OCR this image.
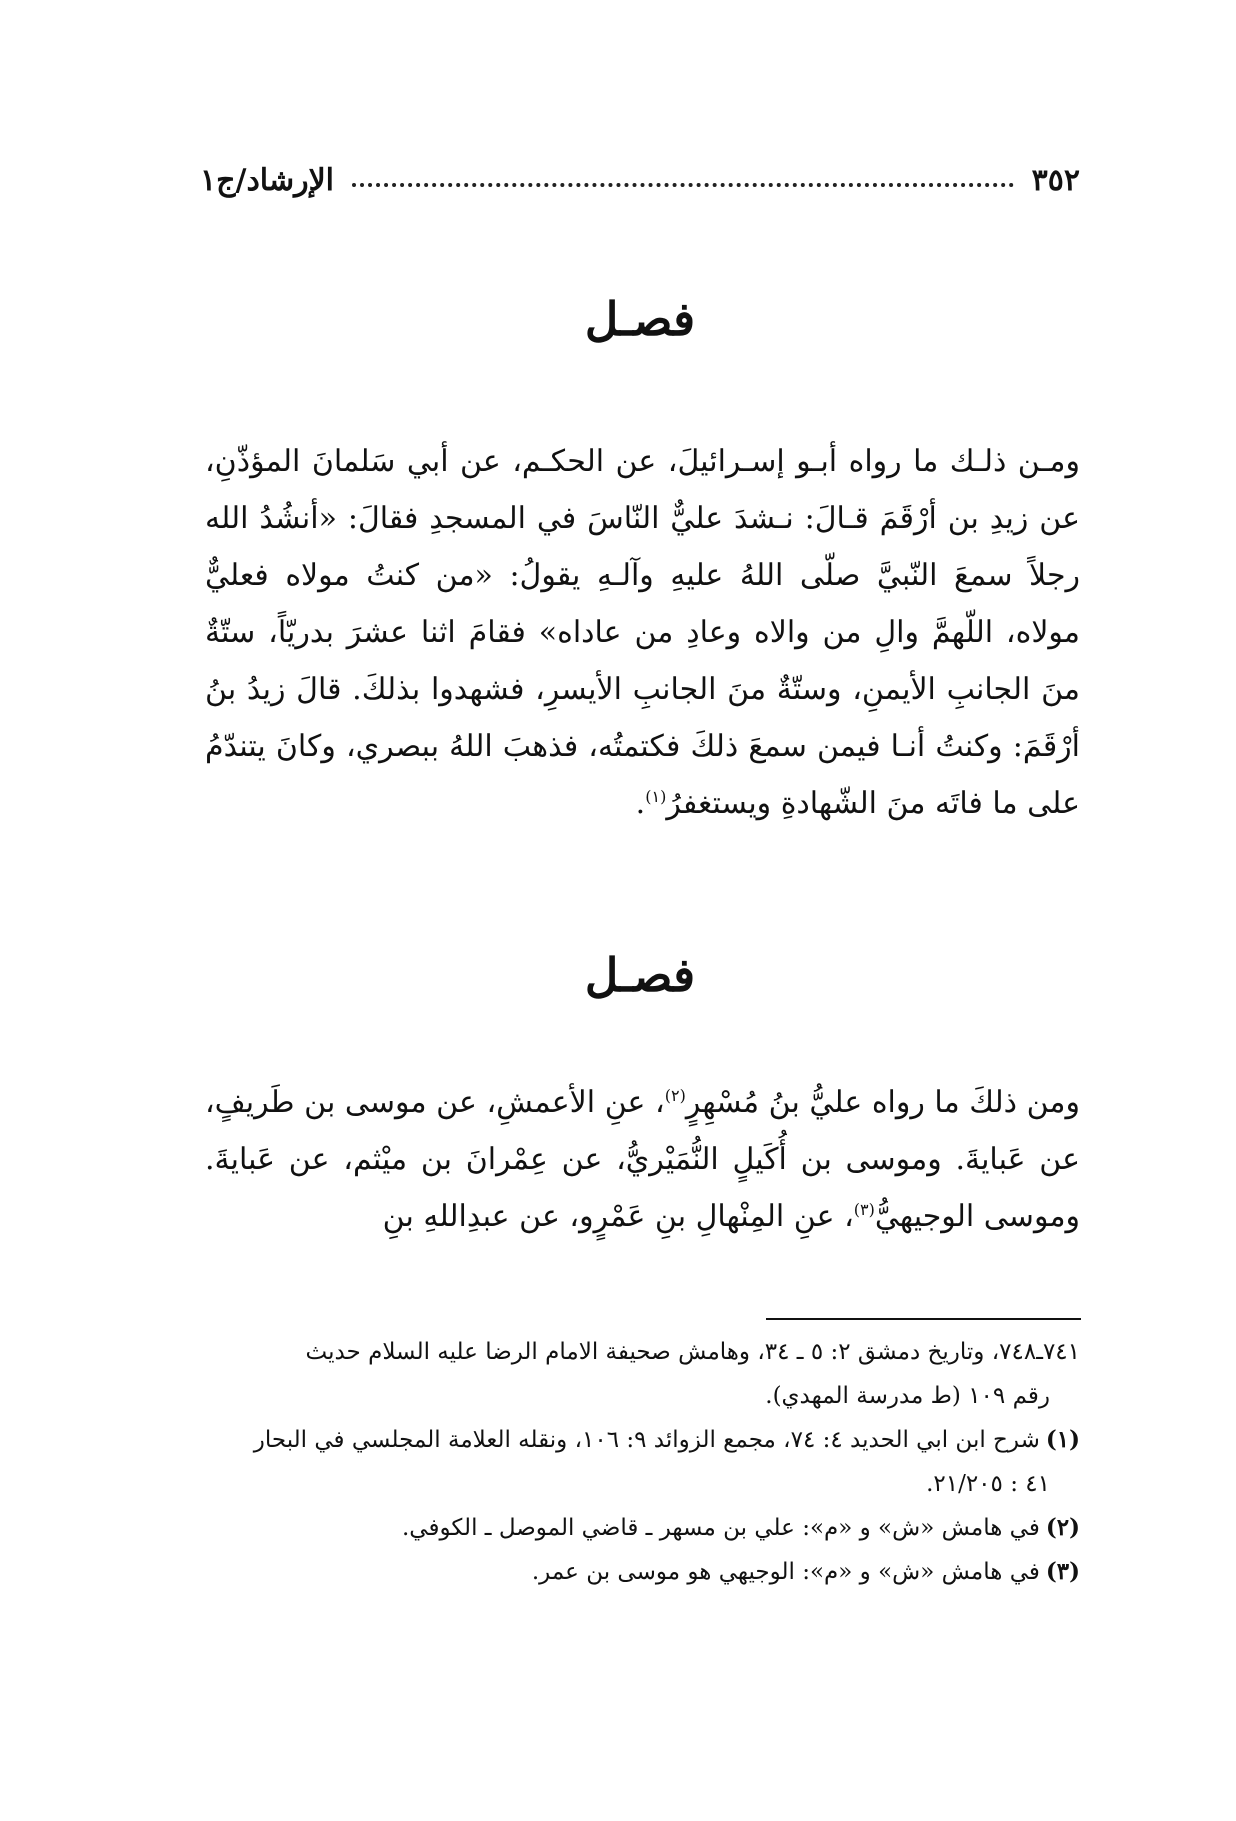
٣٥٢
الإرشاد/ج١
فصـل
ومـن ذلـك ما رواه أبـو إسـرائيلَ، عن الحكـم، عن أبي سَلمانَ المؤذّنِ، عن زيدِ بن أرْقَمَ قـالَ: نـشدَ عليٌّ النّاسَ في المسجدِ فقالَ: «أنشُدُ الله رجلاً سمعَ النّبيَّ صلّى اللهُ عليهِ وآلـهِ يقولُ: «من كنتُ مولاه فعليٌّ مولاه، اللّهمَّ والِ من والاه وعادِ من عاداه» فقامَ اثنا عشرَ بدريّاً، ستّةٌ منَ الجانبِ الأيمنِ، وستّةٌ منَ الجانبِ الأيسرِ، فشهدوا بذلكَ. قالَ زيدُ بنُ أرْقَمَ: وكنتُ أنـا فيمن سمعَ ذلكَ فكتمتُه، فذهبَ اللهُ ببصري، وكانَ يتندّمُ على ما فاتَه منَ الشّهادةِ ويستغفرُ$^{(١)}$.
فصـل
ومن ذلكَ ما رواه عليُّ بنُ مُسْهِرٍ$^{(٢)}$، عنِ الأعمشِ، عن موسى بن طَريفٍ، عن عَبايةَ. وموسى بن أُكَيلٍ النُّمَيْريُّ، عن عِمْرانَ بن ميْثم، عن عَبايةَ. وموسى الوجيهيُّ$^{(٣)}$، عنِ المِنْهالِ بنِ عَمْرٍو، عن عبدِاللهِ بنِ

٧٤١ـ٧٤٨، وتاريخ دمشق ٢: ٥ ـ ٣٤، وهامش صحيفة الامام الرضا عليه السلام حديث

رقم ١٠٩ (ط مدرسة المهدي).

(١)شرح ابن ابي الحديد ٤: ٧٤، مجمع الزوائد ٩: ١٠٦، ونقله العلامة المجلسي في البحار

٤١ : ٢١/٢٠٥.

(٢)في هامش «ش» و «م»: علي بن مسهر ـ قاضي الموصل ـ الكوفي.

(٣)في هامش «ش» و «م»: الوجيهي هو موسى بن عمر.
